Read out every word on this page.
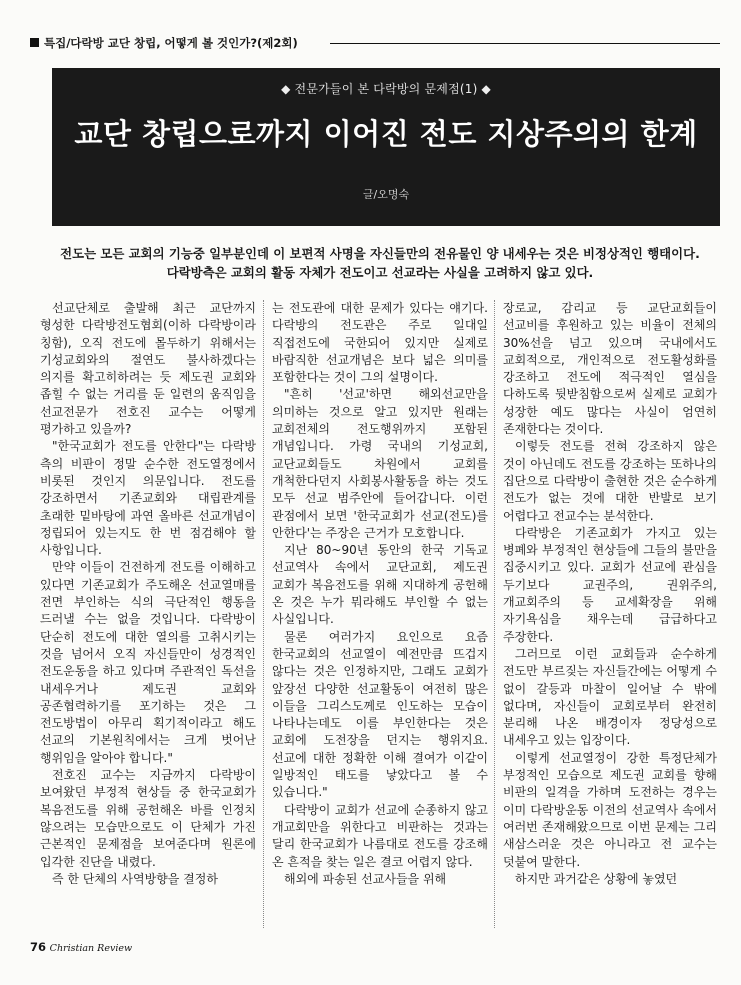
특집/다락방 교단 창립, 어떻게 볼 것인가?(제2회)
◆ 전문가들이 본 다락방의 문제점(1) ◆
교단 창립으로까지 이어진 전도 지상주의의 한계
글/오명숙
전도는 모든 교회의 기능중 일부분인데 이 보편적 사명을 자신들만의 전유물인 양 내세우는 것은 비정상적인 행태이다.
다락방측은 교회의 활동 자체가 전도이고 선교라는 사실을 고려하지 않고 있다.

선교단체로 출발해 최근 교단까지 형성한 다락방전도협회(이하 다락방이라 칭함), 오직 전도에 몰두하기 위해서는 기성교회와의 절연도 불사하겠다는 의지를 확고히하려는 듯 제도권 교회와 좁힐 수 없는 거리를 둔 일련의 움직임을 선교전문가 전호진 교수는 어떻게 평가하고 있을까?

"한국교회가 전도를 안한다"는 다락방 측의 비판이 정말 순수한 전도열정에서 비롯된 것인지 의문입니다. 전도를 강조하면서 기존교회와 대립관계를 초래한 밑바탕에 과연 올바른 선교개념이 정립되어 있는지도 한 번 점검해야 할 사항입니다.

만약 이들이 건전하게 전도를 이해하고 있다면 기존교회가 주도해온 선교열매를 전면 부인하는 식의 극단적인 행동을 드러낼 수는 없을 것입니다. 다락방이 단순히 전도에 대한 열의를 고취시키는 것을 넘어서 오직 자신들만이 성경적인 전도운동을 하고 있다며 주관적인 독선을 내세우거나 제도권 교회와 공존협력하기를 포기하는 것은 그 전도방법이 아무리 획기적이라고 해도 선교의 기본원칙에서는 크게 벗어난 행위임을 알아야 합니다."

전호진 교수는 지금까지 다락방이 보여왔던 부정적 현상들 중 한국교회가 복음전도를 위해 공헌해온 바를 인정치 않으려는 모습만으로도 이 단체가 가진 근본적인 문제점을 보여준다며 원론에 입각한 진단을 내렸다.

즉 한 단체의 사역방향을 결정하

는 전도관에 대한 문제가 있다는 얘기다. 다락방의 전도관은 주로 일대일 직접전도에 국한되어 있지만 실제로 바람직한 선교개념은 보다 넓은 의미를 포함한다는 것이 그의 설명이다.

"흔히 '선교'하면 해외선교만을 의미하는 것으로 알고 있지만 원래는 교회전체의 전도행위까지 포함된 개념입니다. 가령 국내의 기성교회, 교단교회들도 차원에서 교회를 개척한다던지 사회봉사활동을 하는 것도 모두 선교 범주안에 들어갑니다. 이런 관점에서 보면 '한국교회가 선교(전도)를 안한다'는 주장은 근거가 모호합니다.

지난 80~90년 동안의 한국 기독교 선교역사 속에서 교단교회, 제도권 교회가 복음전도를 위해 지대하게 공헌해 온 것은 누가 뭐라해도 부인할 수 없는 사실입니다.

물론 여러가지 요인으로 요즘 한국교회의 선교열이 예전만큼 뜨겁지 않다는 것은 인정하지만, 그래도 교회가 앞장선 다양한 선교활동이 여전히 많은 이들을 그리스도께로 인도하는 모습이 나타나는데도 이를 부인한다는 것은 교회에 도전장을 던지는 행위지요. 선교에 대한 정확한 이해 결여가 이같이 일방적인 태도를 낳았다고 볼 수 있습니다."

다락방이 교회가 선교에 순종하지 않고 개교회만을 위한다고 비판하는 것과는 달리 한국교회가 나름대로 전도를 강조해 온 흔적을 찾는 일은 결코 어렵지 않다.

해외에 파송된 선교사들을 위해

장로교, 감리교 등 교단교회들이 선교비를 후원하고 있는 비율이 전체의 30%선을 넘고 있으며 국내에서도 교회적으로, 개인적으로 전도활성화를 강조하고 전도에 적극적인 열심을 다하도록 뒷받침함으로써 실제로 교회가 성장한 예도 많다는 사실이 엄연히 존재한다는 것이다.

이렇듯 전도를 전혀 강조하지 않은 것이 아닌데도 전도를 강조하는 또하나의 집단으로 다락방이 출현한 것은 순수하게 전도가 없는 것에 대한 반발로 보기 어렵다고 전교수는 분석한다.

다락방은 기존교회가 가지고 있는 병폐와 부정적인 현상들에 그들의 불만을 집중시키고 있다. 교회가 선교에 관심을 두기보다 교권주의, 권위주의, 개교회주의 등 교세확장을 위해 자기욕심을 채우는데 급급하다고 주장한다.

그러므로 이런 교회들과 순수하게 전도만 부르짖는 자신들간에는 어떻게 수 없이 갈등과 마찰이 일어날 수 밖에 없다며, 자신들이 교회로부터 완전히 분리해 나온 배경이자 정당성으로 내세우고 있는 입장이다.

이렇게 선교열정이 강한 특정단체가 부정적인 모습으로 제도권 교회를 향해 비판의 일격을 가하며 도전하는 경우는 이미 다락방운동 이전의 선교역사 속에서 여러번 존재해왔으므로 이번 문제는 그리 새삼스러운 것은 아니라고 전 교수는 덧붙여 말한다.

하지만 과거같은 상황에 놓였던

76 Christian Review
